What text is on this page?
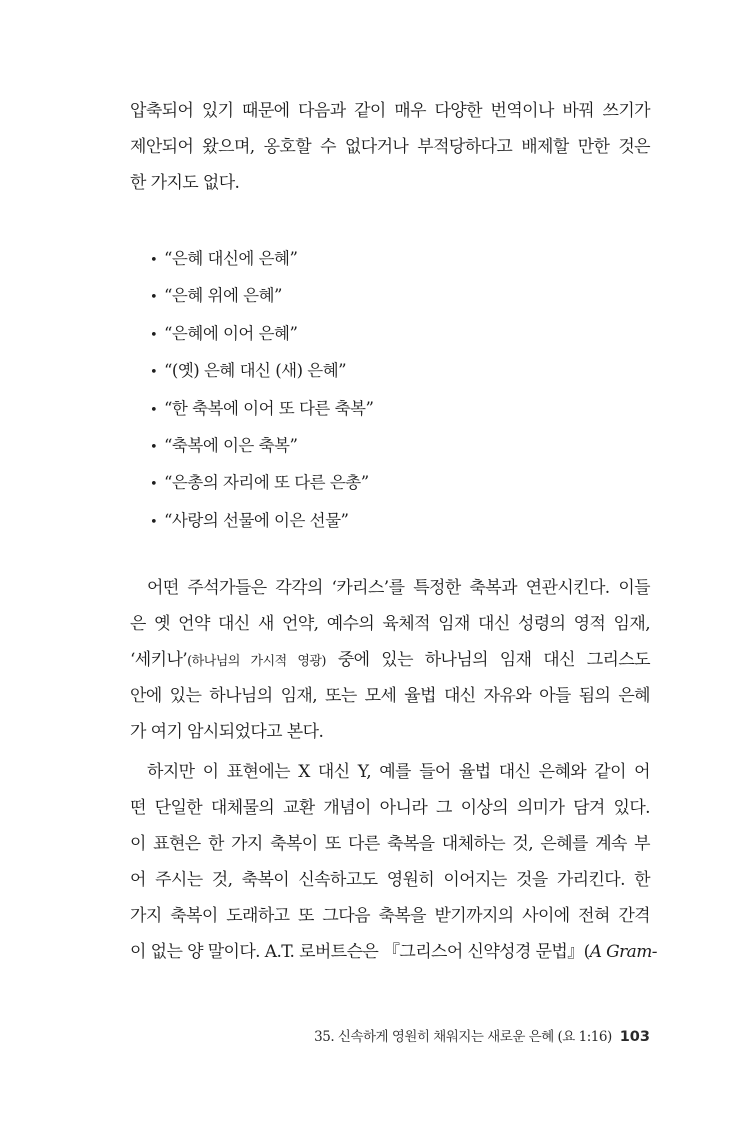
압축되어 있기 때문에 다음과 같이 매우 다양한 번역이나 바꿔 쓰기가
제안되어 왔으며, 옹호할 수 없다거나 부적당하다고 배제할 만한 것은
한 가지도 없다.
• “은혜 대신에 은혜”
• “은혜 위에 은혜”
• “은혜에 이어 은혜”
• “(옛) 은혜 대신 (새) 은혜”
• “한 축복에 이어 또 다른 축복”
• “축복에 이은 축복”
• “은총의 자리에 또 다른 은총”
• “사랑의 선물에 이은 선물”
어떤 주석가들은 각각의 ‘카리스’를 특정한 축복과 연관시킨다. 이들
은 옛 언약 대신 새 언약, 예수의 육체적 임재 대신 성령의 영적 임재,
‘세키나’(하나님의 가시적 영광) 중에 있는 하나님의 임재 대신 그리스도
안에 있는 하나님의 임재, 또는 모세 율법 대신 자유와 아들 됨의 은혜
가 여기 암시되었다고 본다.
하지만 이 표현에는 X 대신 Y, 예를 들어 율법 대신 은혜와 같이 어
떤 단일한 대체물의 교환 개념이 아니라 그 이상의 의미가 담겨 있다.
이 표현은 한 가지 축복이 또 다른 축복을 대체하는 것, 은혜를 계속 부
어 주시는 것, 축복이 신속하고도 영원히 이어지는 것을 가리킨다. 한
가지 축복이 도래하고 또 그다음 축복을 받기까지의 사이에 전혀 간격
이 없는 양 말이다. A.T. 로버트슨은 『그리스어 신약성경 문법』(A Gram-
35. 신속하게 영원히 채워지는 새로운 은혜 (요 1:16) 103
